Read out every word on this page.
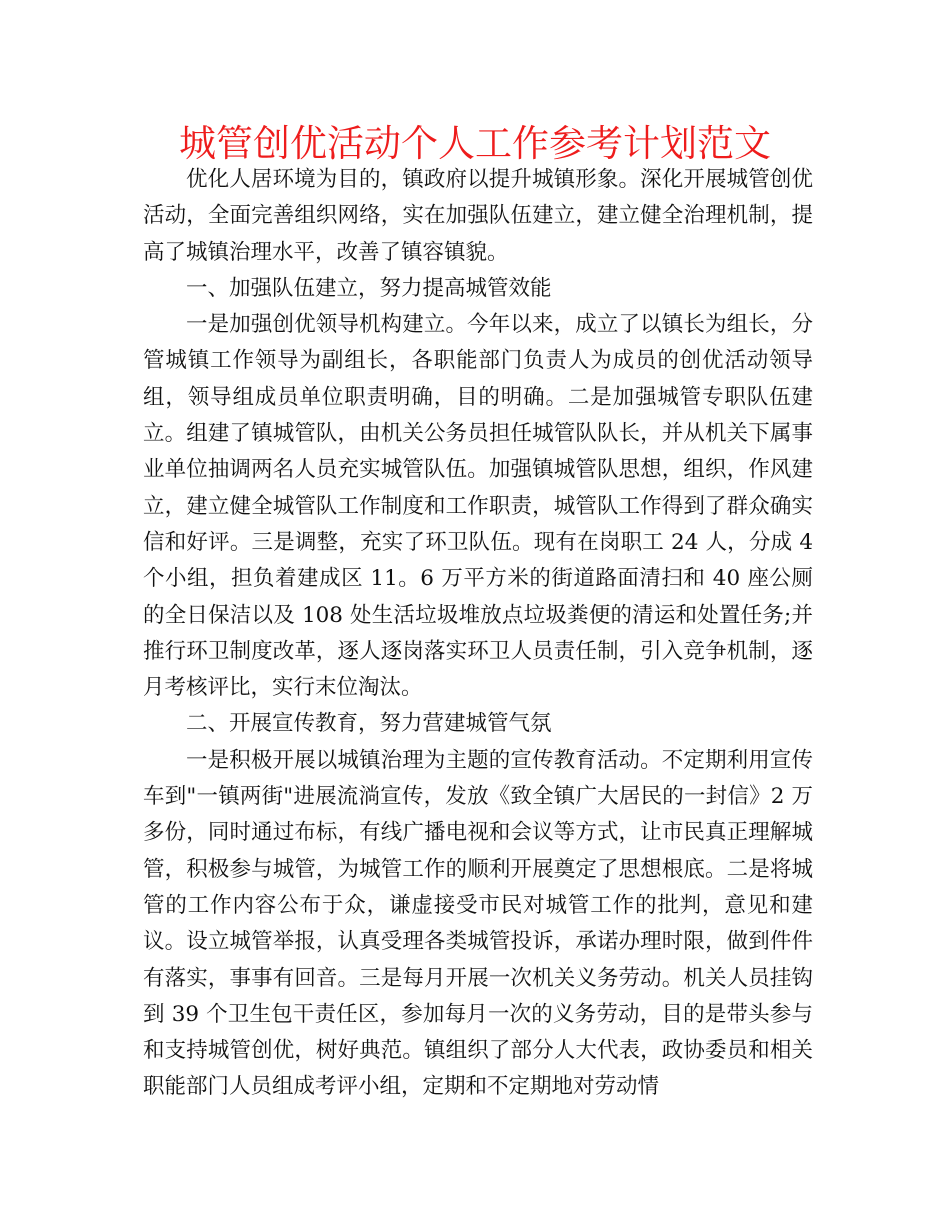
城管创优活动个人工作参考计划范文

优化人居环境为目的，镇政府以提升城镇形象。深化开展城管创优活动，全面完善组织网络，实在加强队伍建立，建立健全治理机制，提高了城镇治理水平，改善了镇容镇貌。

一、加强队伍建立，努力提高城管效能

一是加强创优领导机构建立。今年以来，成立了以镇长为组长，分管城镇工作领导为副组长，各职能部门负责人为成员的创优活动领导组，领导组成员单位职责明确，目的明确。二是加强城管专职队伍建立。组建了镇城管队，由机关公务员担任城管队队长，并从机关下属事业单位抽调两名人员充实城管队伍。加强镇城管队思想，组织，作风建立，建立健全城管队工作制度和工作职责，城管队工作得到了群众确实信和好评。三是调整，充实了环卫队伍。现有在岗职工 24 人，分成 4 个小组，担负着建成区 11。6 万平方米的街道路面清扫和 40 座公厕的全日保洁以及 108 处生活垃圾堆放点垃圾粪便的清运和处置任务;并推行环卫制度改革，逐人逐岗落实环卫人员责任制，引入竞争机制，逐月考核评比，实行末位淘汰。

二、开展宣传教育，努力营建城管气氛

一是积极开展以城镇治理为主题的宣传教育活动。不定期利用宣传车到"一镇两街"进展流淌宣传，发放《致全镇广大居民的一封信》2 万多份，同时通过布标，有线广播电视和会议等方式，让市民真正理解城管，积极参与城管，为城管工作的顺利开展奠定了思想根底。二是将城管的工作内容公布于众，谦虚接受市民对城管工作的批判，意见和建议。设立城管举报，认真受理各类城管投诉，承诺办理时限，做到件件有落实，事事有回音。三是每月开展一次机关义务劳动。机关人员挂钩到 39 个卫生包干责任区，参加每月一次的义务劳动，目的是带头参与和支持城管创优，树好典范。镇组织了部分人大代表，政协委员和相关职能部门人员组成考评小组，定期和不定期地对劳动情
